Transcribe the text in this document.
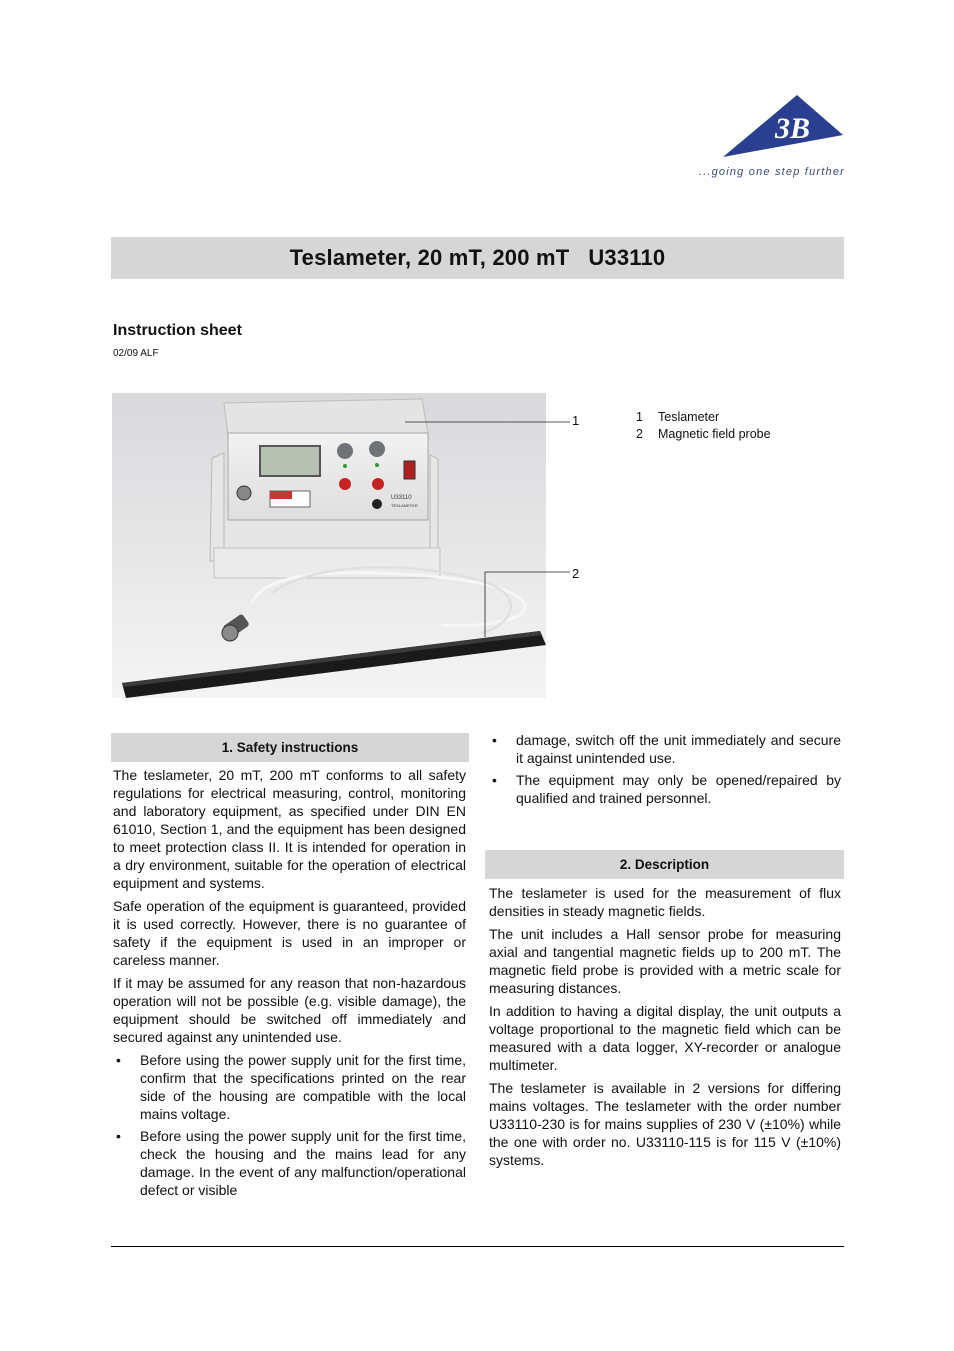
3B R
...going one step further
Teslameter, 20 mT, 200 mT U33110
Instruction sheet
02/09 ALF
U33110
TESLAMETER
1
2
1	Teslameter
2	Magnetic field probe
1. Safety instructions

The teslameter, 20 mT, 200 mT conforms to all safety regulations for electrical measuring, control, monitoring and laboratory equipment, as specified under DIN EN 61010, Section 1, and the equipment has been designed to meet protection class II. It is intended for operation in a dry environment, suitable for the operation of electrical equipment and systems.

Safe operation of the equipment is guaranteed, provided it is used correctly. However, there is no guarantee of safety if the equipment is used in an improper or careless manner.

If it may be assumed for any reason that non-hazardous operation will not be possible (e.g. visible damage), the equipment should be switched off immediately and secured against any unintended use.

• Before using the power supply unit for the first time, confirm that the specifications printed on the rear side of the housing are compatible with the local mains voltage.
• Before using the power supply unit for the first time, check the housing and the mains lead for any damage. In the event of any malfunction/operational defect or visible
• damage, switch off the unit immediately and secure it against unintended use.
• The equipment may only be opened/repaired by qualified and trained personnel.
2. Description

The teslameter is used for the measurement of flux densities in steady magnetic fields.

The unit includes a Hall sensor probe for measuring axial and tangential magnetic fields up to 200 mT. The magnetic field probe is provided with a metric scale for measuring distances.

In addition to having a digital display, the unit outputs a voltage proportional to the magnetic field which can be measured with a data logger, XY-recorder or analogue multimeter.

The teslameter is available in 2 versions for differing mains voltages. The teslameter with the order number U33110-230 is for mains supplies of 230 V (±10%) while the one with order no. U33110-115 is for 115 V (±10%) systems.
